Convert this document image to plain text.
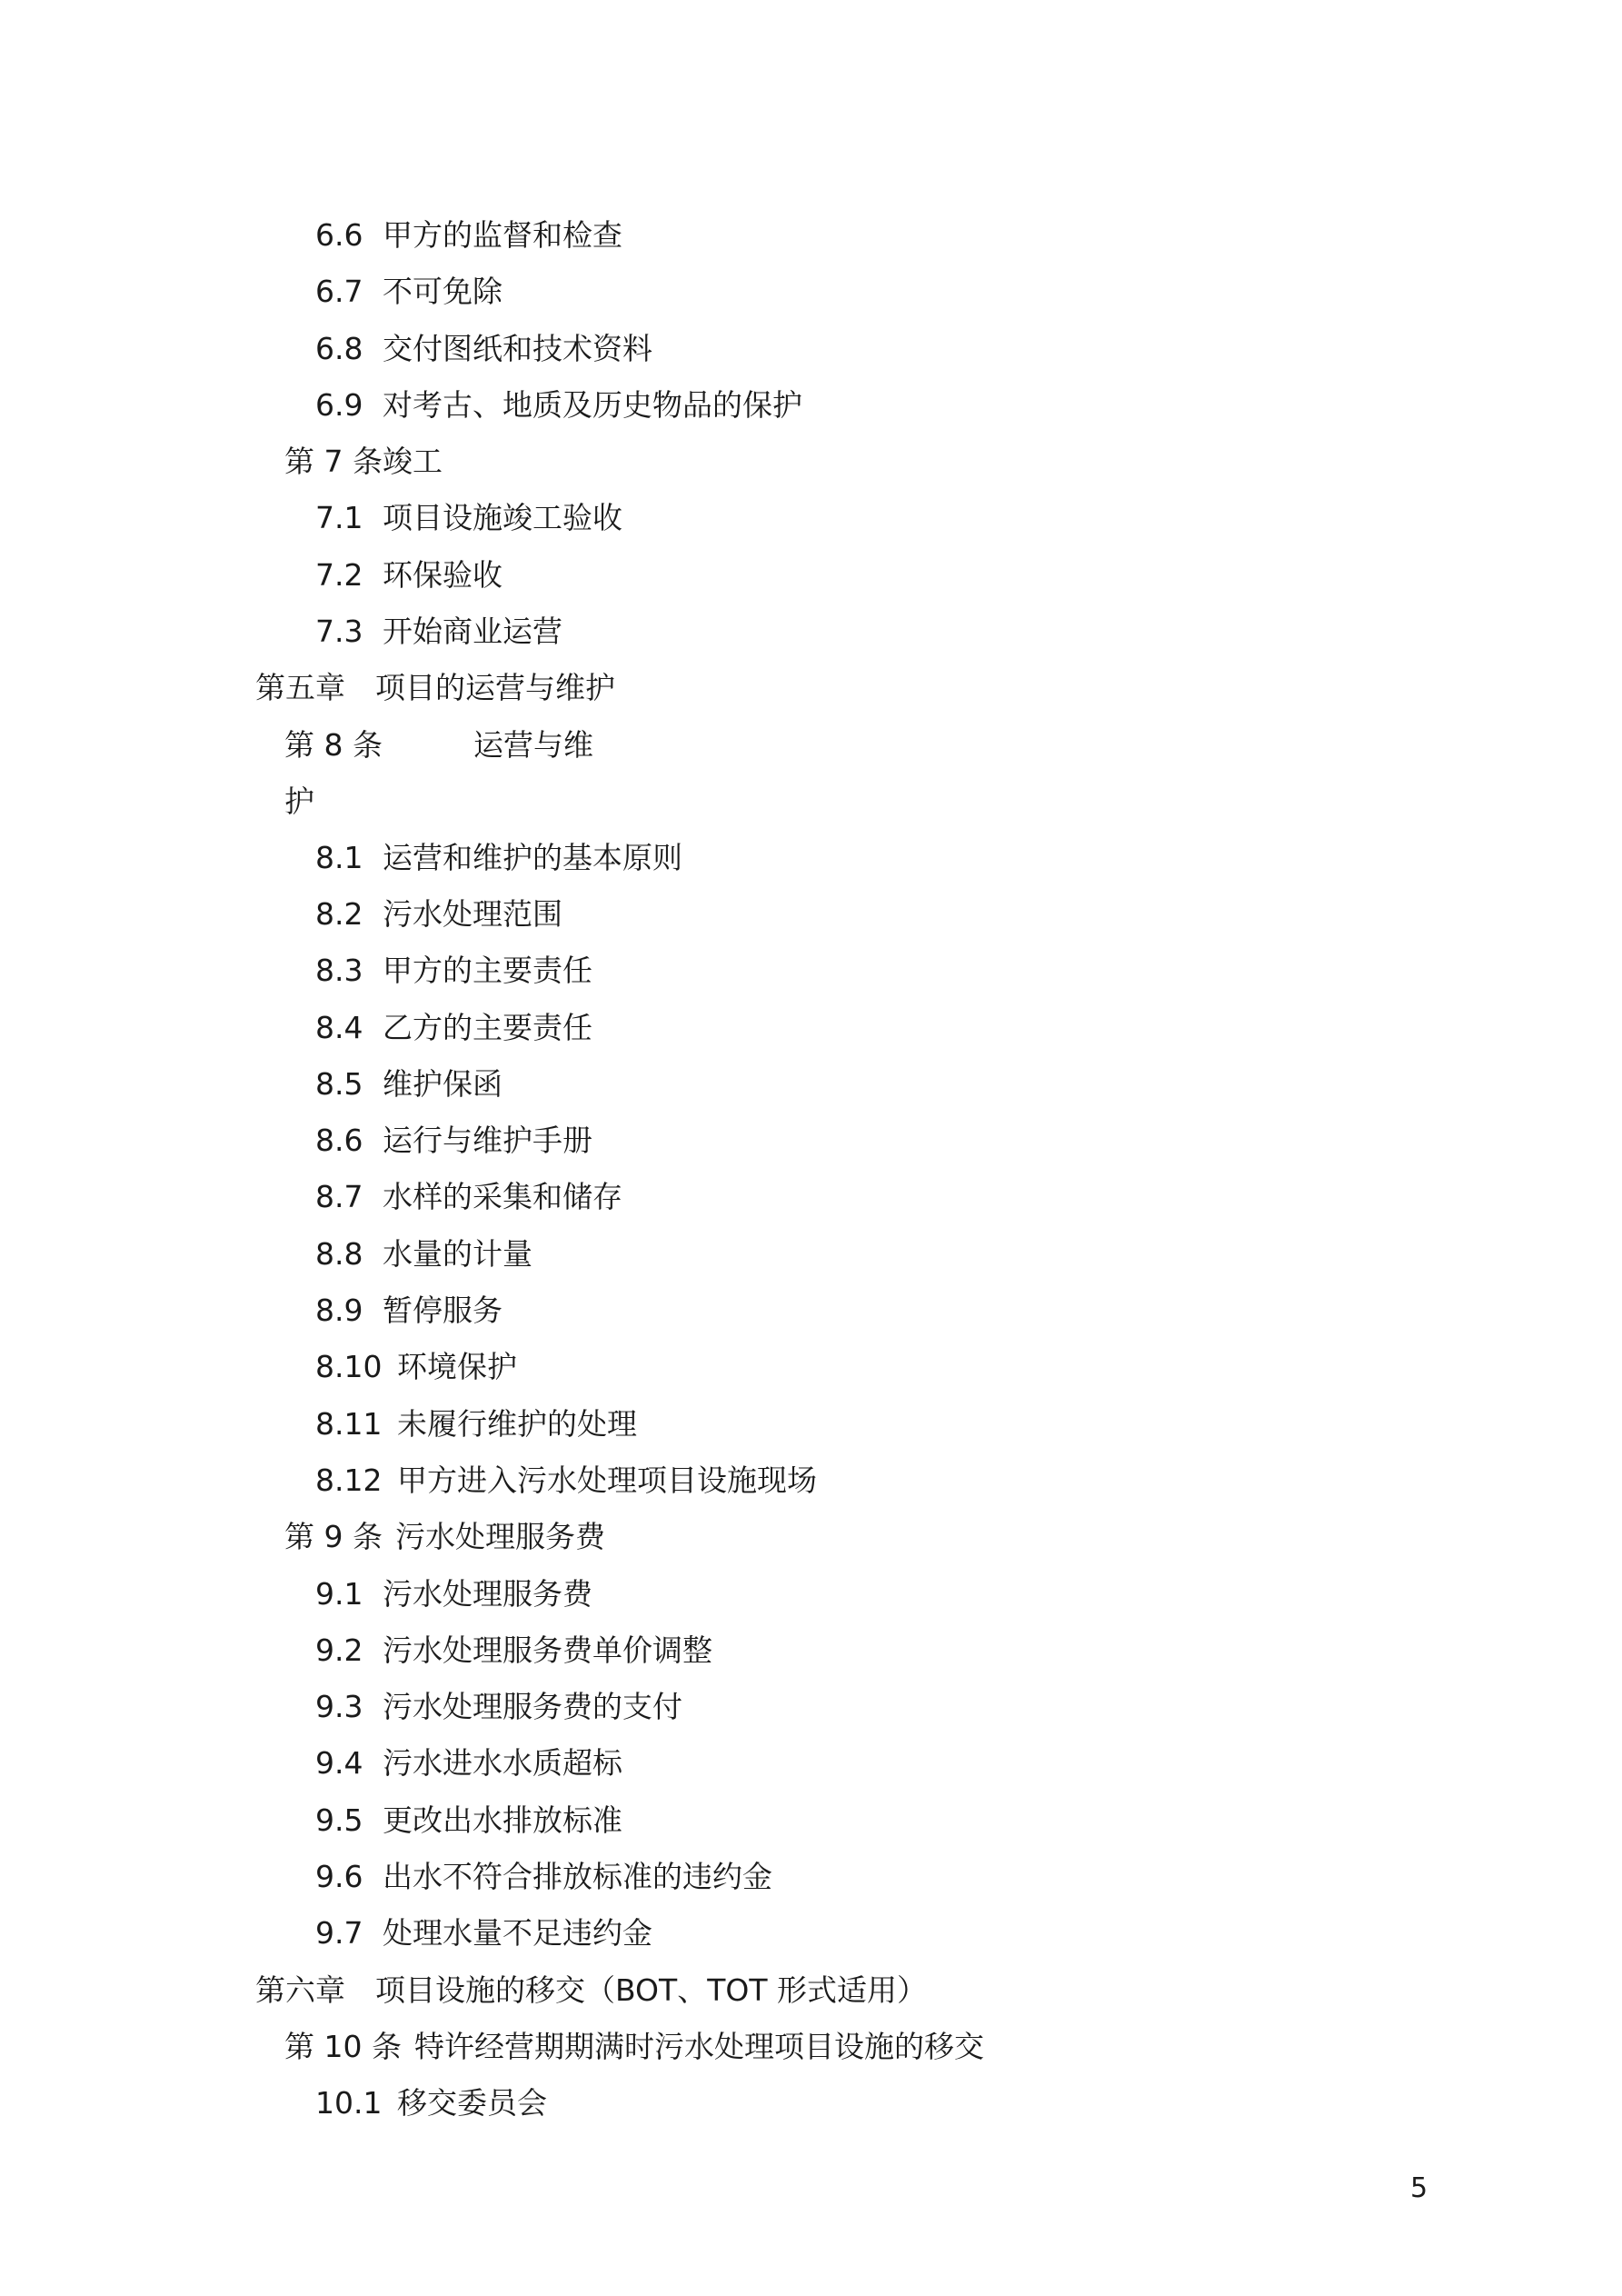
6.6 甲方的监督和检查
6.7 不可免除
6.8 交付图纸和技术资料
6.9 对考古、地质及历史物品的保护
第 7 条竣工
7.1 项目设施竣工验收
7.2 环保验收
7.3 开始商业运营
第五章 项目的运营与维护
第 8 条	运营与维
护
8.1 运营和维护的基本原则
8.2 污水处理范围
8.3 甲方的主要责任
8.4 乙方的主要责任
8.5 维护保函
8.6 运行与维护手册
8.7 水样的采集和储存
8.8 水量的计量
8.9 暂停服务
8.10 环境保护
8.11 未履行维护的处理
8.12 甲方进入污水处理项目设施现场
第 9 条 污水处理服务费
9.1 污水处理服务费
9.2 污水处理服务费单价调整
9.3 污水处理服务费的支付
9.4 污水进水水质超标
9.5 更改出水排放标准
9.6 出水不符合排放标准的违约金
9.7 处理水量不足违约金
第六章 项目设施的移交（BOT、TOT 形式适用）
第 10 条 特许经营期期满时污水处理项目设施的移交
10.1 移交委员会
5
